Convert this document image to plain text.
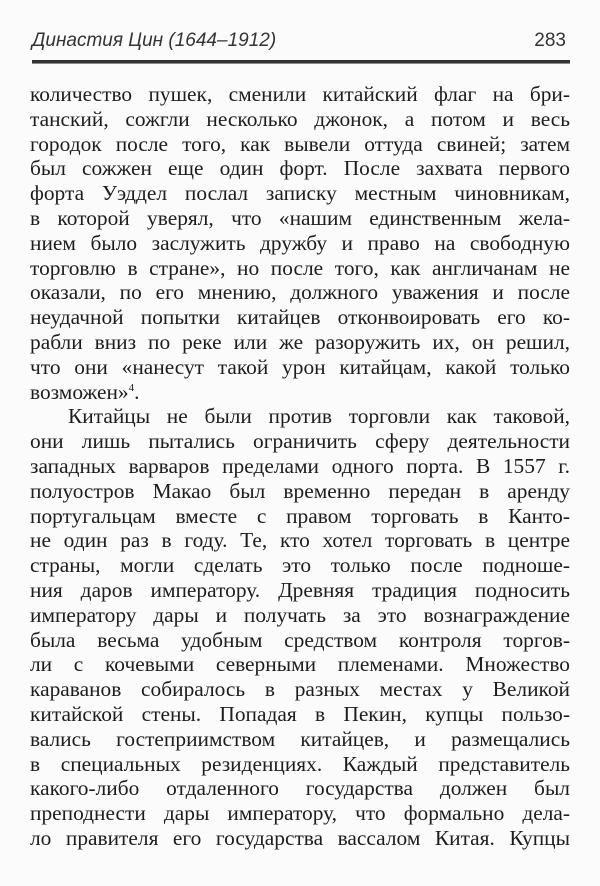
Династия Цин (1644–1912)	283
количество пушек, сменили китайский флаг на бри-
танский, сожгли несколько джонок, а потом и весь
городок после того, как вывели оттуда свиней; затем
был сожжен еще один форт. После захвата первого
форта Уэддел послал записку местным чиновникам,
в которой уверял, что «нашим единственным жела-
нием было заслужить дружбу и право на свободную
торговлю в стране», но после того, как англичанам не
оказали, по его мнению, должного уважения и после
неудачной попытки китайцев отконвоировать его ко-
рабли вниз по реке или же разоружить их, он решил,
что они «нанесут такой урон китайцам, какой только
возможен»$^4$.
Китайцы не были против торговли как таковой,
они лишь пытались ограничить сферу деятельности
западных варваров пределами одного порта. В 1557 г.
полуостров Макао был временно передан в аренду
португальцам вместе с правом торговать в Канто-
не один раз в году. Те, кто хотел торговать в центре
страны, могли сделать это только после подноше-
ния даров императору. Древняя традиция подносить
императору дары и получать за это вознаграждение
была весьма удобным средством контроля торгов-
ли с кочевыми северными племенами. Множество
караванов собиралось в разных местах у Великой
китайской стены. Попадая в Пекин, купцы пользо-
вались гостеприимством китайцев, и размещались
в специальных резиденциях. Каждый представитель
какого-либо отдаленного государства должен был
преподнести дары императору, что формально дела-
ло правителя его государства вассалом Китая. Купцы
